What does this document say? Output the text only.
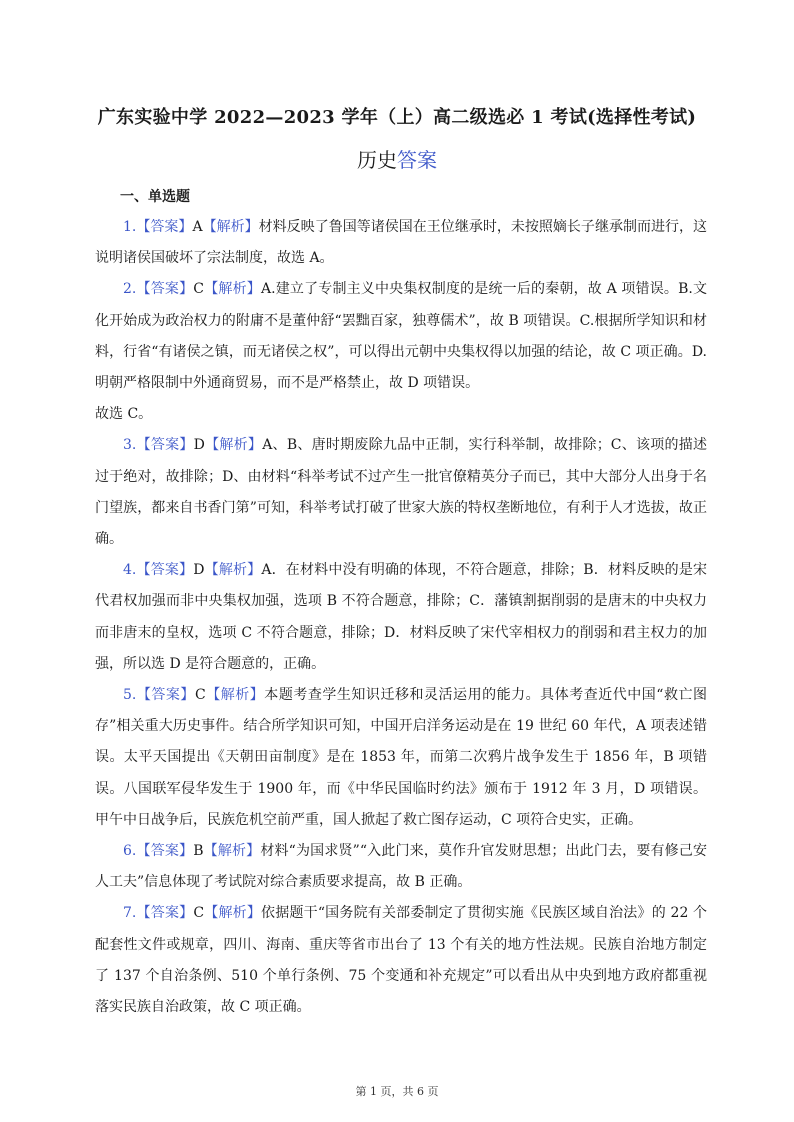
广东实验中学 2022—2023 学年（上）高二级选必 1 考试(选择性考试)
历史答案
一、单选题

1.【答案】A【解析】材料反映了鲁国等诸侯国在王位继承时，未按照嫡长子继承制而进行，这说明诸侯国破坏了宗法制度，故选 A。

2.【答案】C【解析】A.建立了专制主义中央集权制度的是统一后的秦朝，故 A 项错误。B.文化开始成为政治权力的附庸不是董仲舒“罢黜百家，独尊儒术”，故 B 项错误。C.根据所学知识和材料，行省“有诸侯之镇，而无诸侯之权”，可以得出元朝中央集权得以加强的结论，故 C 项正确。D.明朝严格限制中外通商贸易，而不是严格禁止，故 D 项错误。

故选 C。

3.【答案】D【解析】A、B、唐时期废除九品中正制，实行科举制，故排除；C、该项的描述过于绝对，故排除；D、由材料“科举考试不过产生一批官僚精英分子而已，其中大部分人出身于名门望族，都来自书香门第”可知，科举考试打破了世家大族的特权垄断地位，有利于人才选拔，故正确。

4.【答案】D【解析】A．在材料中没有明确的体现，不符合题意，排除；B．材料反映的是宋代君权加强而非中央集权加强，选项 B 不符合题意，排除；C．藩镇割据削弱的是唐末的中央权力而非唐末的皇权，选项 C 不符合题意，排除；D．材料反映了宋代宰相权力的削弱和君主权力的加强，所以选 D 是符合题意的，正确。

5.【答案】C【解析】本题考查学生知识迁移和灵活运用的能力。具体考查近代中国“救亡图存”相关重大历史事件。结合所学知识可知，中国开启洋务运动是在 19 世纪 60 年代，A 项表述错误。太平天国提出《天朝田亩制度》是在 1853 年，而第二次鸦片战争发生于 1856 年，B 项错误。八国联军侵华发生于 1900 年，而《中华民国临时约法》颁布于 1912 年 3 月，D 项错误。甲午中日战争后，民族危机空前严重，国人掀起了救亡图存运动，C 项符合史实，正确。

6.【答案】B【解析】材料“为国求贤”“入此门来，莫作升官发财思想；出此门去，要有修己安人工夫”信息体现了考试院对综合素质要求提高，故 B 正确。

7.【答案】C【解析】依据题干“国务院有关部委制定了贯彻实施《民族区域自治法》的 22 个配套性文件或规章，四川、海南、重庆等省市出台了 13 个有关的地方性法规。民族自治地方制定了 137 个自治条例、510 个单行条例、75 个变通和补充规定”可以看出从中央到地方政府都重视落实民族自治政策，故 C 项正确。

第 1 页，共 6 页
